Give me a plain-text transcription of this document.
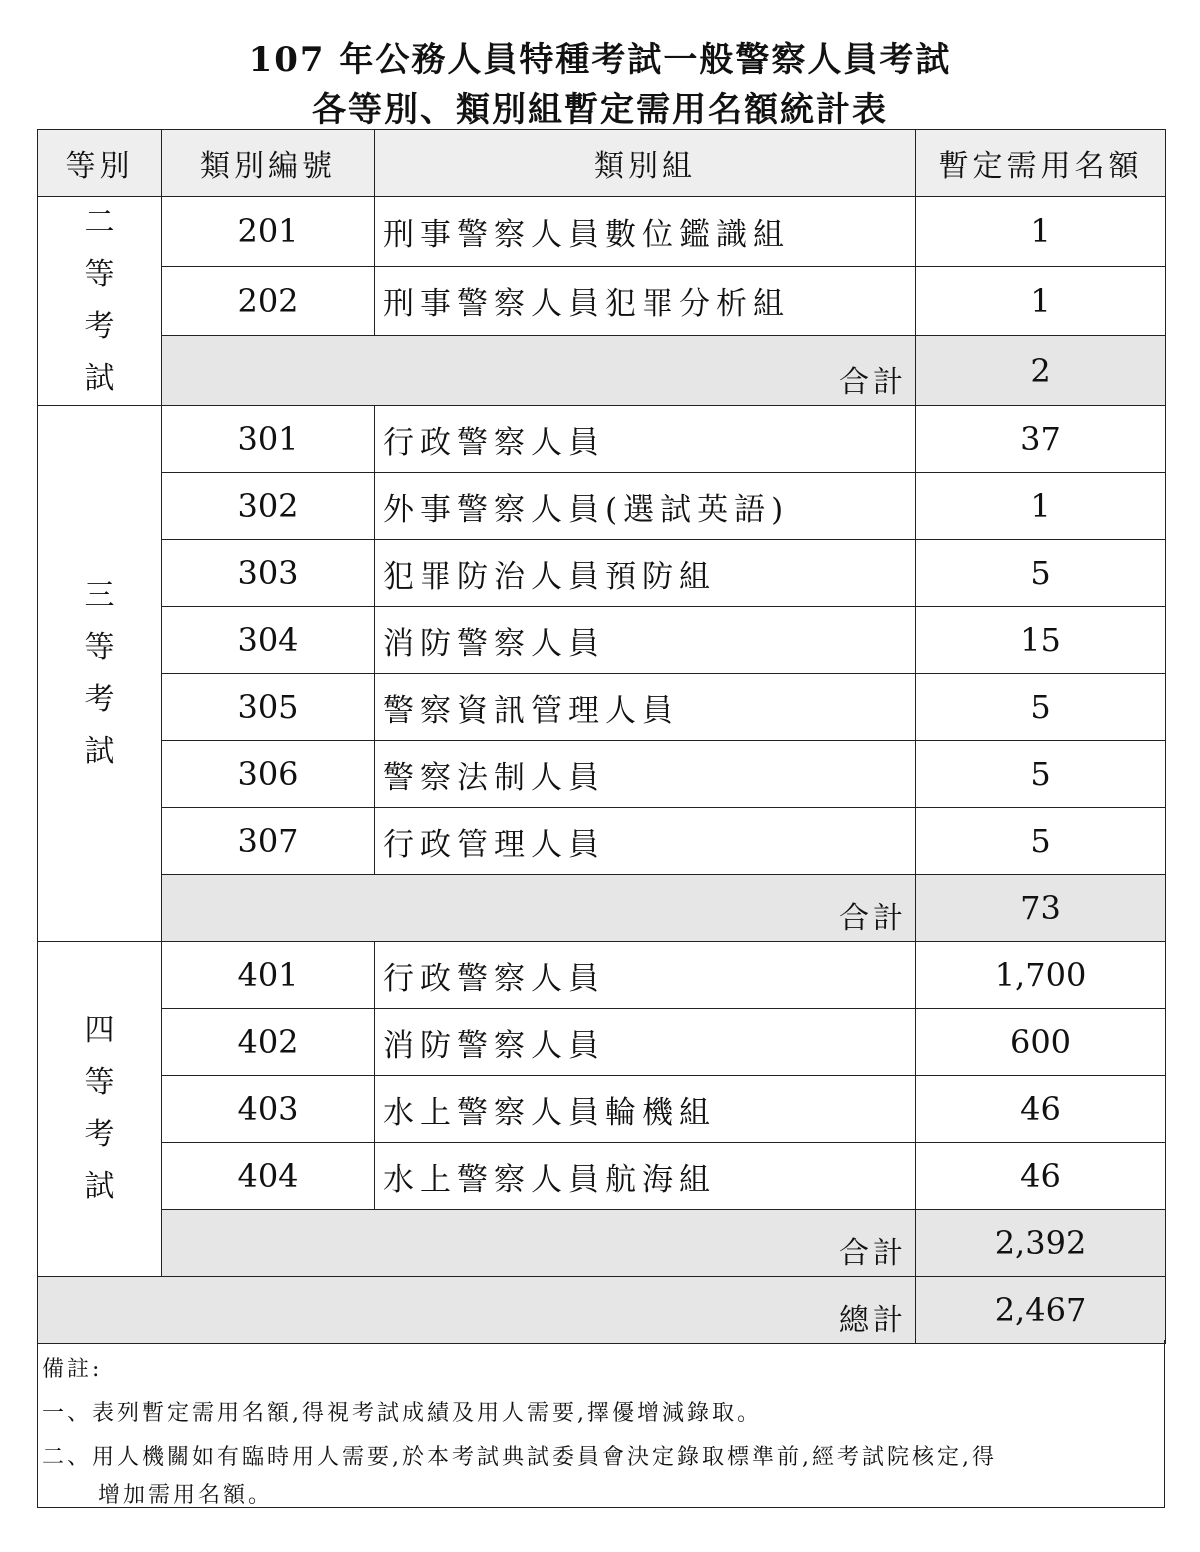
107 年公務人員特種考試一般警察人員考試
各等別、類別組暫定需用名額統計表
等別	類別編號	類別組	暫定需用名額

二
等
考
試	201	刑事警察人員數位鑑識組	1
	202	刑事警察人員犯罪分析組	1
	合計		2

三
等
考
試	301	行政警察人員	37
	302	外事警察人員(選試英語)	1
	303	犯罪防治人員預防組	5
	304	消防警察人員	15
	305	警察資訊管理人員	5
	306	警察法制人員	5
	307	行政管理人員	5
	合計		73

四
等
考
試	401	行政警察人員	1,700
	402	消防警察人員	600
	403	水上警察人員輪機組	46
	404	水上警察人員航海組	46
	合計		2,392
總計			2,467
備註:
一、表列暫定需用名額,得視考試成績及用人需要,擇優增減錄取。
二、用人機關如有臨時用人需要,於本考試典試委員會決定錄取標準前,經考試院核定,得
增加需用名額。
